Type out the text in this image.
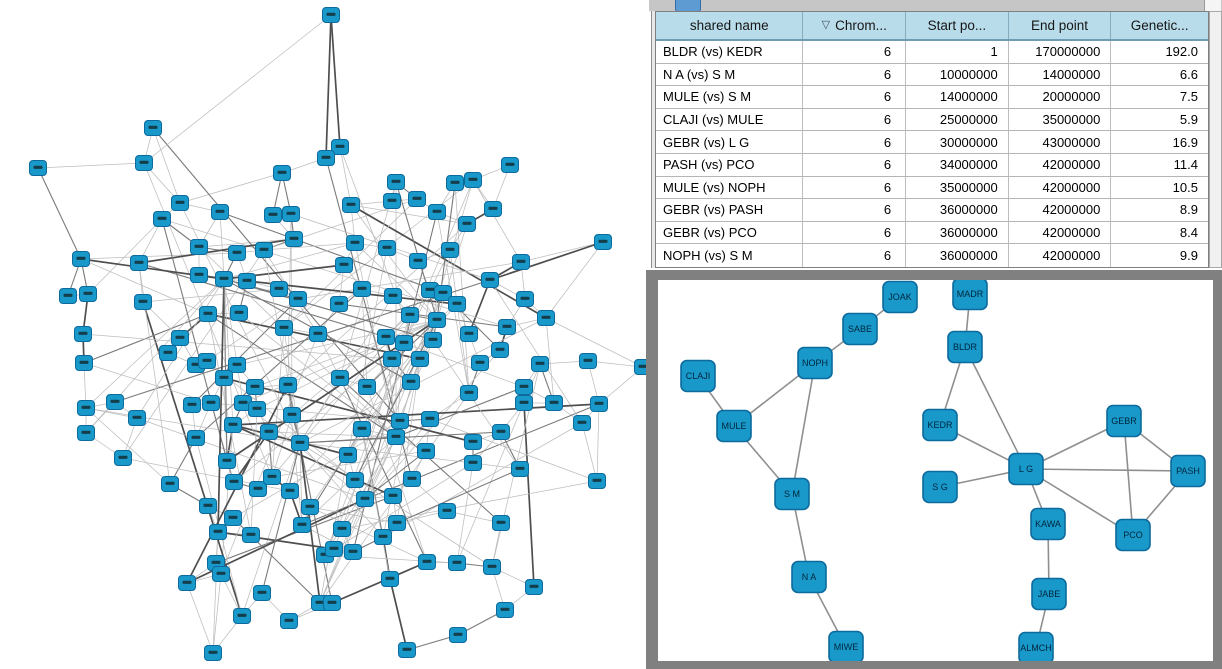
shared name	▽ Chrom...	Start po...	End point	Genetic...
BLDR (vs) KEDR	6	1	170000000	192.0
N A (vs) S M	6	10000000	14000000	6.6
MULE (vs) S M	6	14000000	20000000	7.5
CLAJI (vs) MULE	6	25000000	35000000	5.9
GEBR (vs) L G	6	30000000	43000000	16.9
PASH (vs) PCO	6	34000000	42000000	11.4
MULE (vs) NOPH	6	35000000	42000000	10.5
GEBR (vs) PASH	6	36000000	42000000	8.9
GEBR (vs) PCO	6	36000000	42000000	8.4
NOPH (vs) S M	6	36000000	42000000	9.9
JOAK	MADR
SABE
NOPH
BLDR
CLAJI
MULE	KEDR	GEBR
L G
S G
PASH
KAWA
PCO
S M
N A
JABE
MIWE	ALMCH
